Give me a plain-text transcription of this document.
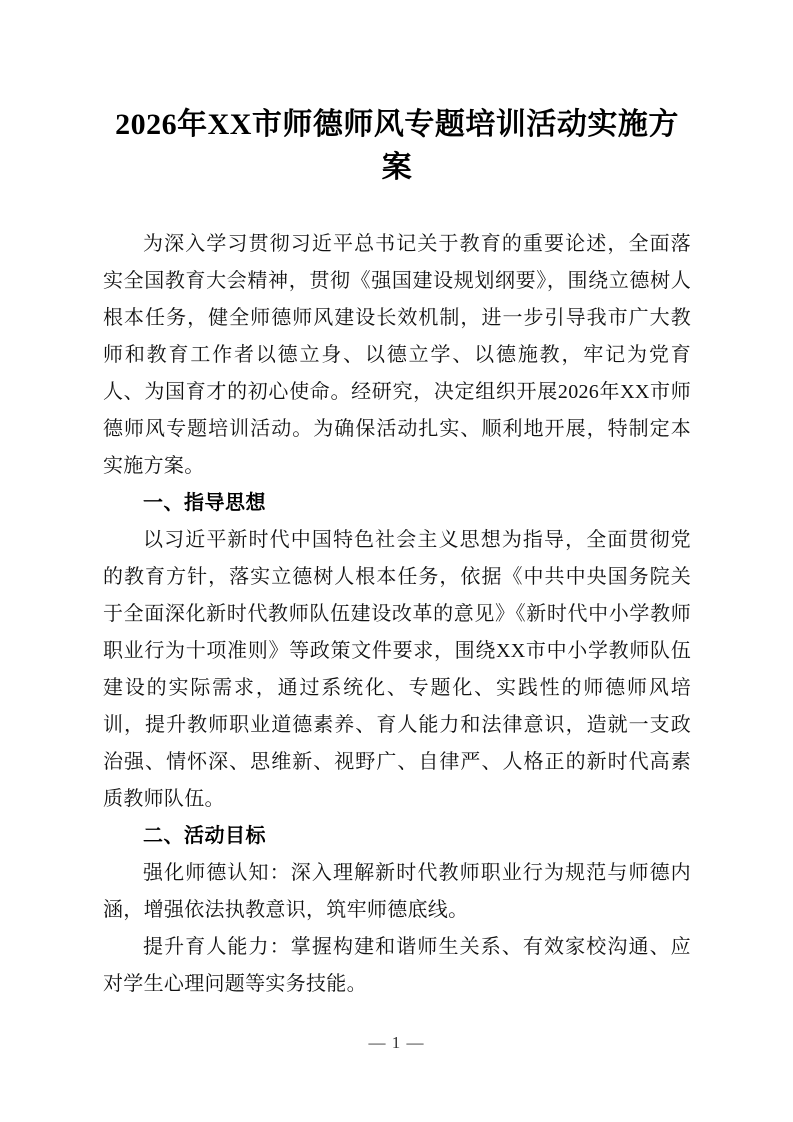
2026年XX市师德师风专题培训活动实施方案

为深入学习贯彻习近平总书记关于教育的重要论述，全面落实全国教育大会精神，贯彻《强国建设规划纲要》，围绕立德树人根本任务，健全师德师风建设长效机制，进一步引导我市广大教师和教育工作者以德立身、以德立学、以德施教，牢记为党育人、为国育才的初心使命。经研究，决定组织开展2026年XX市师德师风专题培训活动。为确保活动扎实、顺利地开展，特制定本实施方案。

一、指导思想

以习近平新时代中国特色社会主义思想为指导，全面贯彻党的教育方针，落实立德树人根本任务，依据《中共中央国务院关于全面深化新时代教师队伍建设改革的意见》《新时代中小学教师职业行为十项准则》等政策文件要求，围绕XX市中小学教师队伍建设的实际需求，通过系统化、专题化、实践性的师德师风培训，提升教师职业道德素养、育人能力和法律意识，造就一支政治强、情怀深、思维新、视野广、自律严、人格正的新时代高素质教师队伍。

二、活动目标

强化师德认知：深入理解新时代教师职业行为规范与师德内涵，增强依法执教意识，筑牢师德底线。

提升育人能力：掌握构建和谐师生关系、有效家校沟通、应对学生心理问题等实务技能。

— 1 —
